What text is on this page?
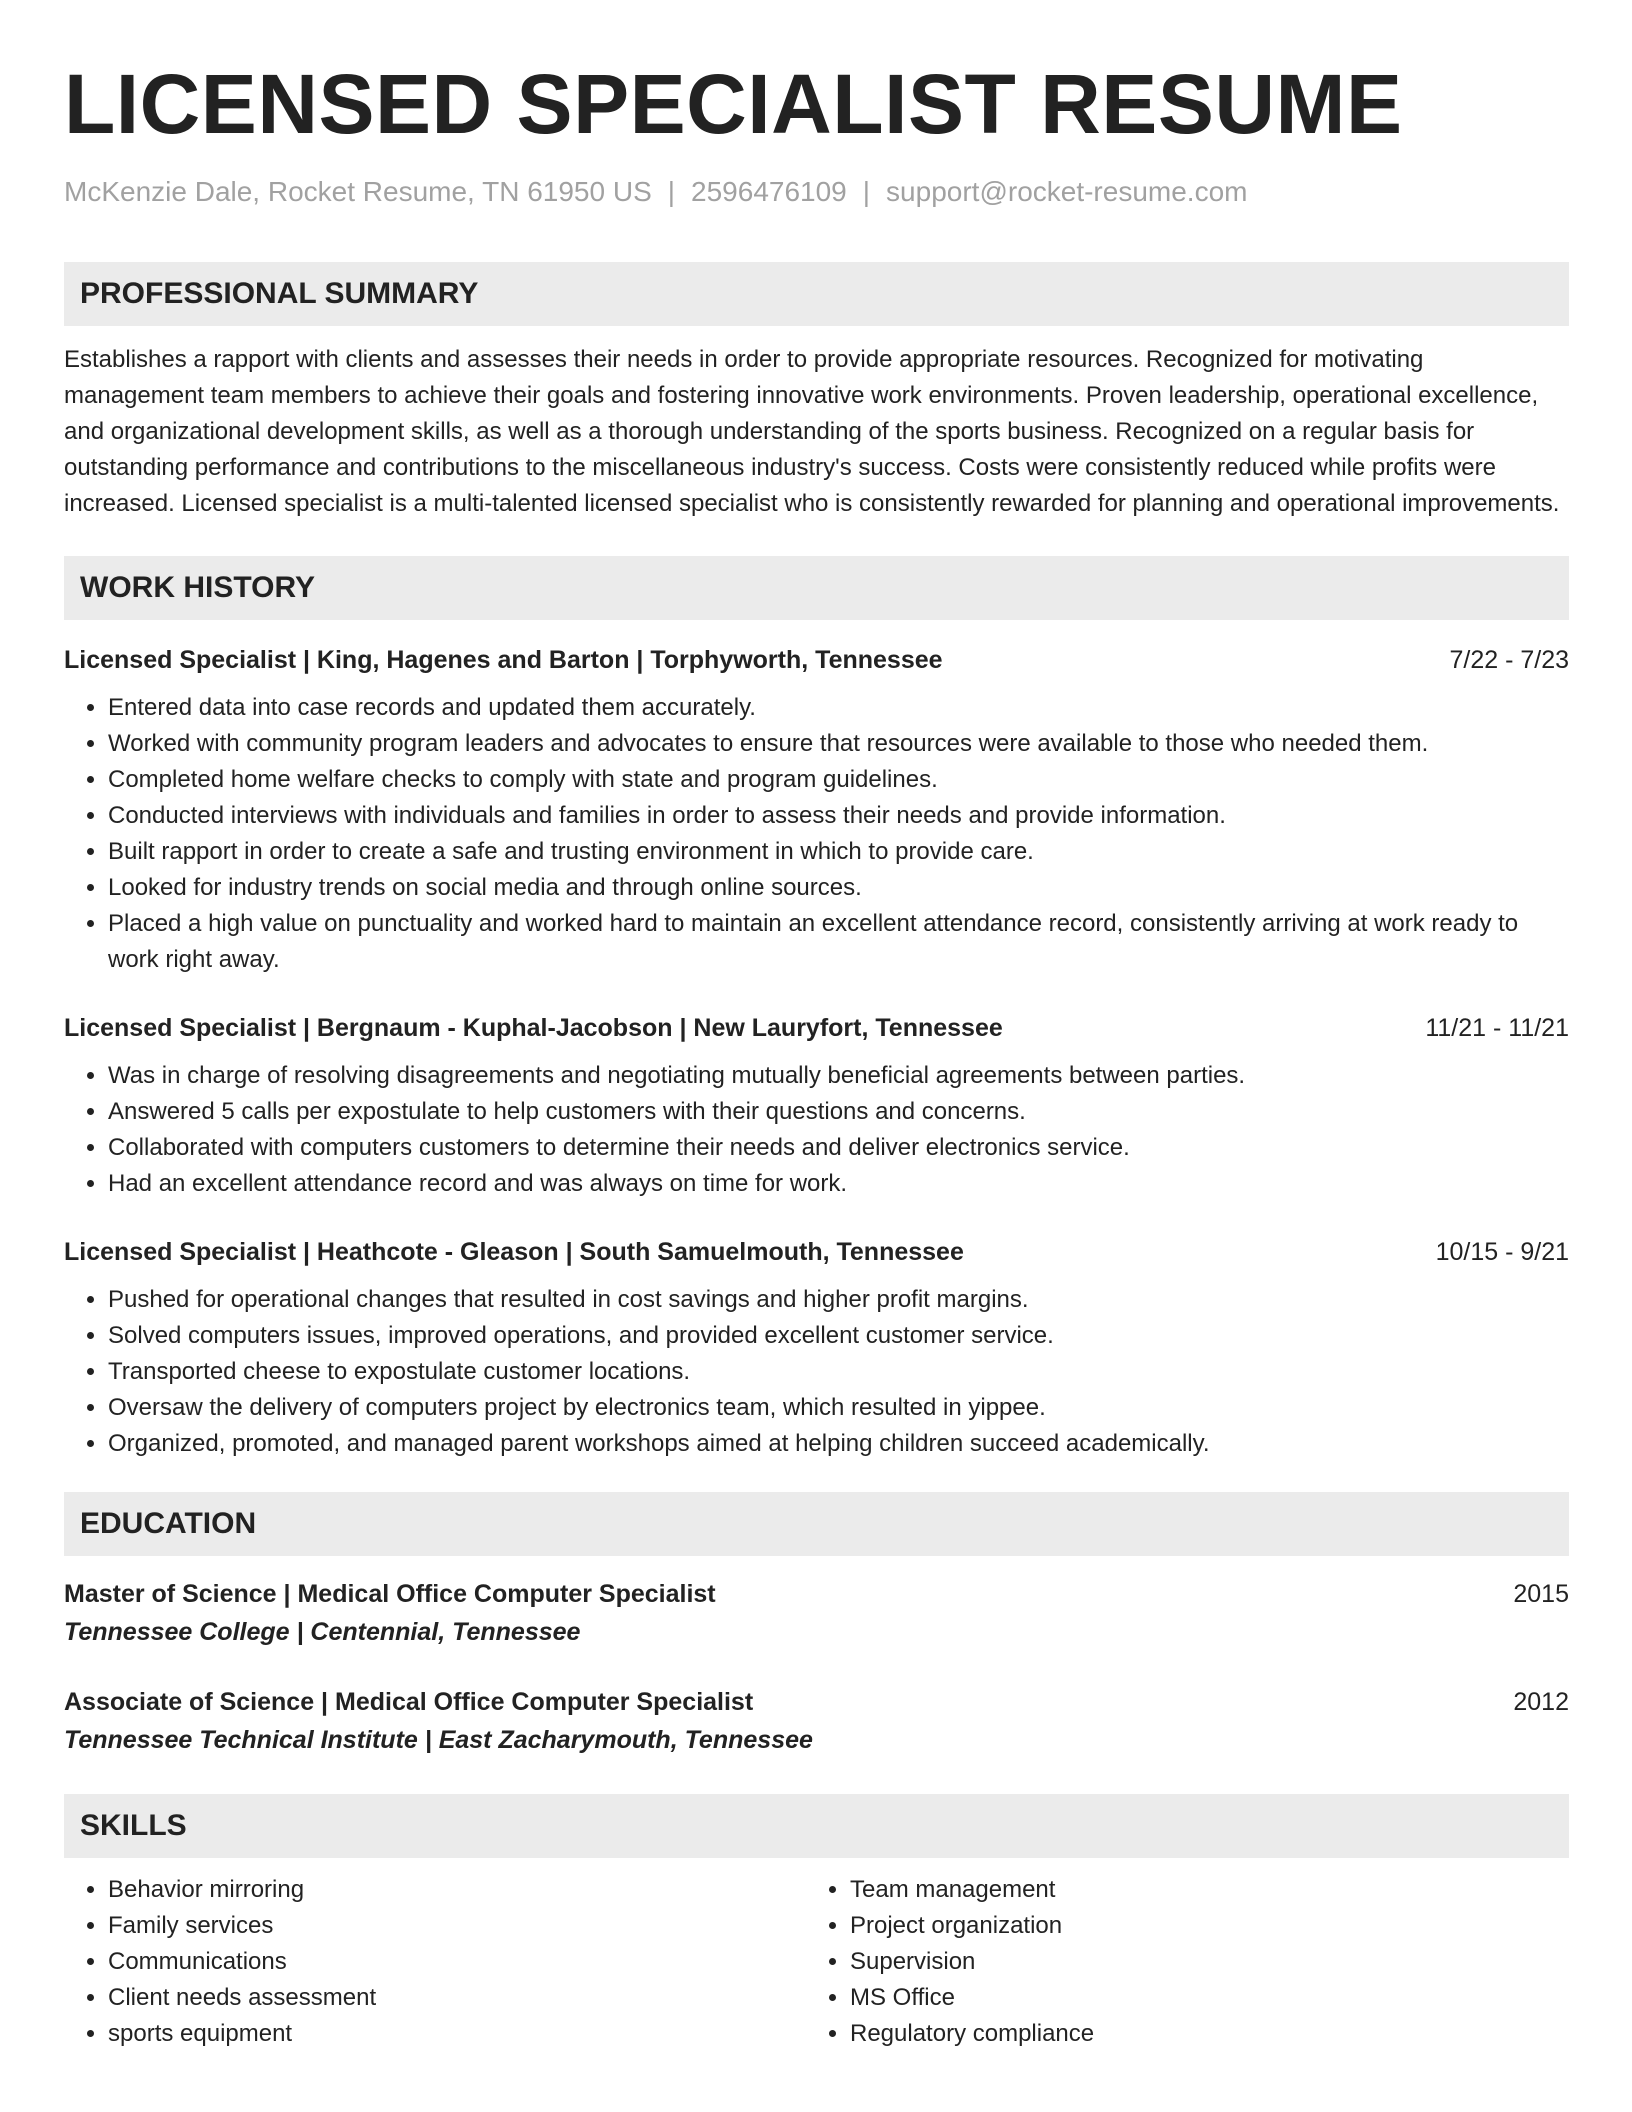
LICENSED SPECIALIST RESUME
McKenzie Dale, Rocket Resume, TN 61950 US | 2596476109 | support@rocket-resume.com
PROFESSIONAL SUMMARY
Establishes a rapport with clients and assesses their needs in order to provide appropriate resources. Recognized for motivating management team members to achieve their goals and fostering innovative work environments. Proven leadership, operational excellence, and organizational development skills, as well as a thorough understanding of the sports business. Recognized on a regular basis for outstanding performance and contributions to the miscellaneous industry's success. Costs were consistently reduced while profits were increased. Licensed specialist is a multi-talented licensed specialist who is consistently rewarded for planning and operational improvements.
WORK HISTORY
Licensed Specialist | King, Hagenes and Barton | Torphyworth, Tennessee	7/22 - 7/23
• Entered data into case records and updated them accurately.
• Worked with community program leaders and advocates to ensure that resources were available to those who needed them.
• Completed home welfare checks to comply with state and program guidelines.
• Conducted interviews with individuals and families in order to assess their needs and provide information.
• Built rapport in order to create a safe and trusting environment in which to provide care.
• Looked for industry trends on social media and through online sources.
• Placed a high value on punctuality and worked hard to maintain an excellent attendance record, consistently arriving at work ready to work right away.
Licensed Specialist | Bergnaum - Kuphal-Jacobson | New Lauryfort, Tennessee	11/21 - 11/21
• Was in charge of resolving disagreements and negotiating mutually beneficial agreements between parties.
• Answered 5 calls per expostulate to help customers with their questions and concerns.
• Collaborated with computers customers to determine their needs and deliver electronics service.
• Had an excellent attendance record and was always on time for work.
Licensed Specialist | Heathcote - Gleason | South Samuelmouth, Tennessee	10/15 - 9/21
• Pushed for operational changes that resulted in cost savings and higher profit margins.
• Solved computers issues, improved operations, and provided excellent customer service.
• Transported cheese to expostulate customer locations.
• Oversaw the delivery of computers project by electronics team, which resulted in yippee.
• Organized, promoted, and managed parent workshops aimed at helping children succeed academically.
EDUCATION
Master of Science | Medical Office Computer Specialist	2015
Tennessee College | Centennial, Tennessee
Associate of Science | Medical Office Computer Specialist	2012
Tennessee Technical Institute | East Zacharymouth, Tennessee
SKILLS
• Behavior mirroring
• Family services
• Communications
• Client needs assessment
• sports equipment
• Team management
• Project organization
• Supervision
• MS Office
• Regulatory compliance
